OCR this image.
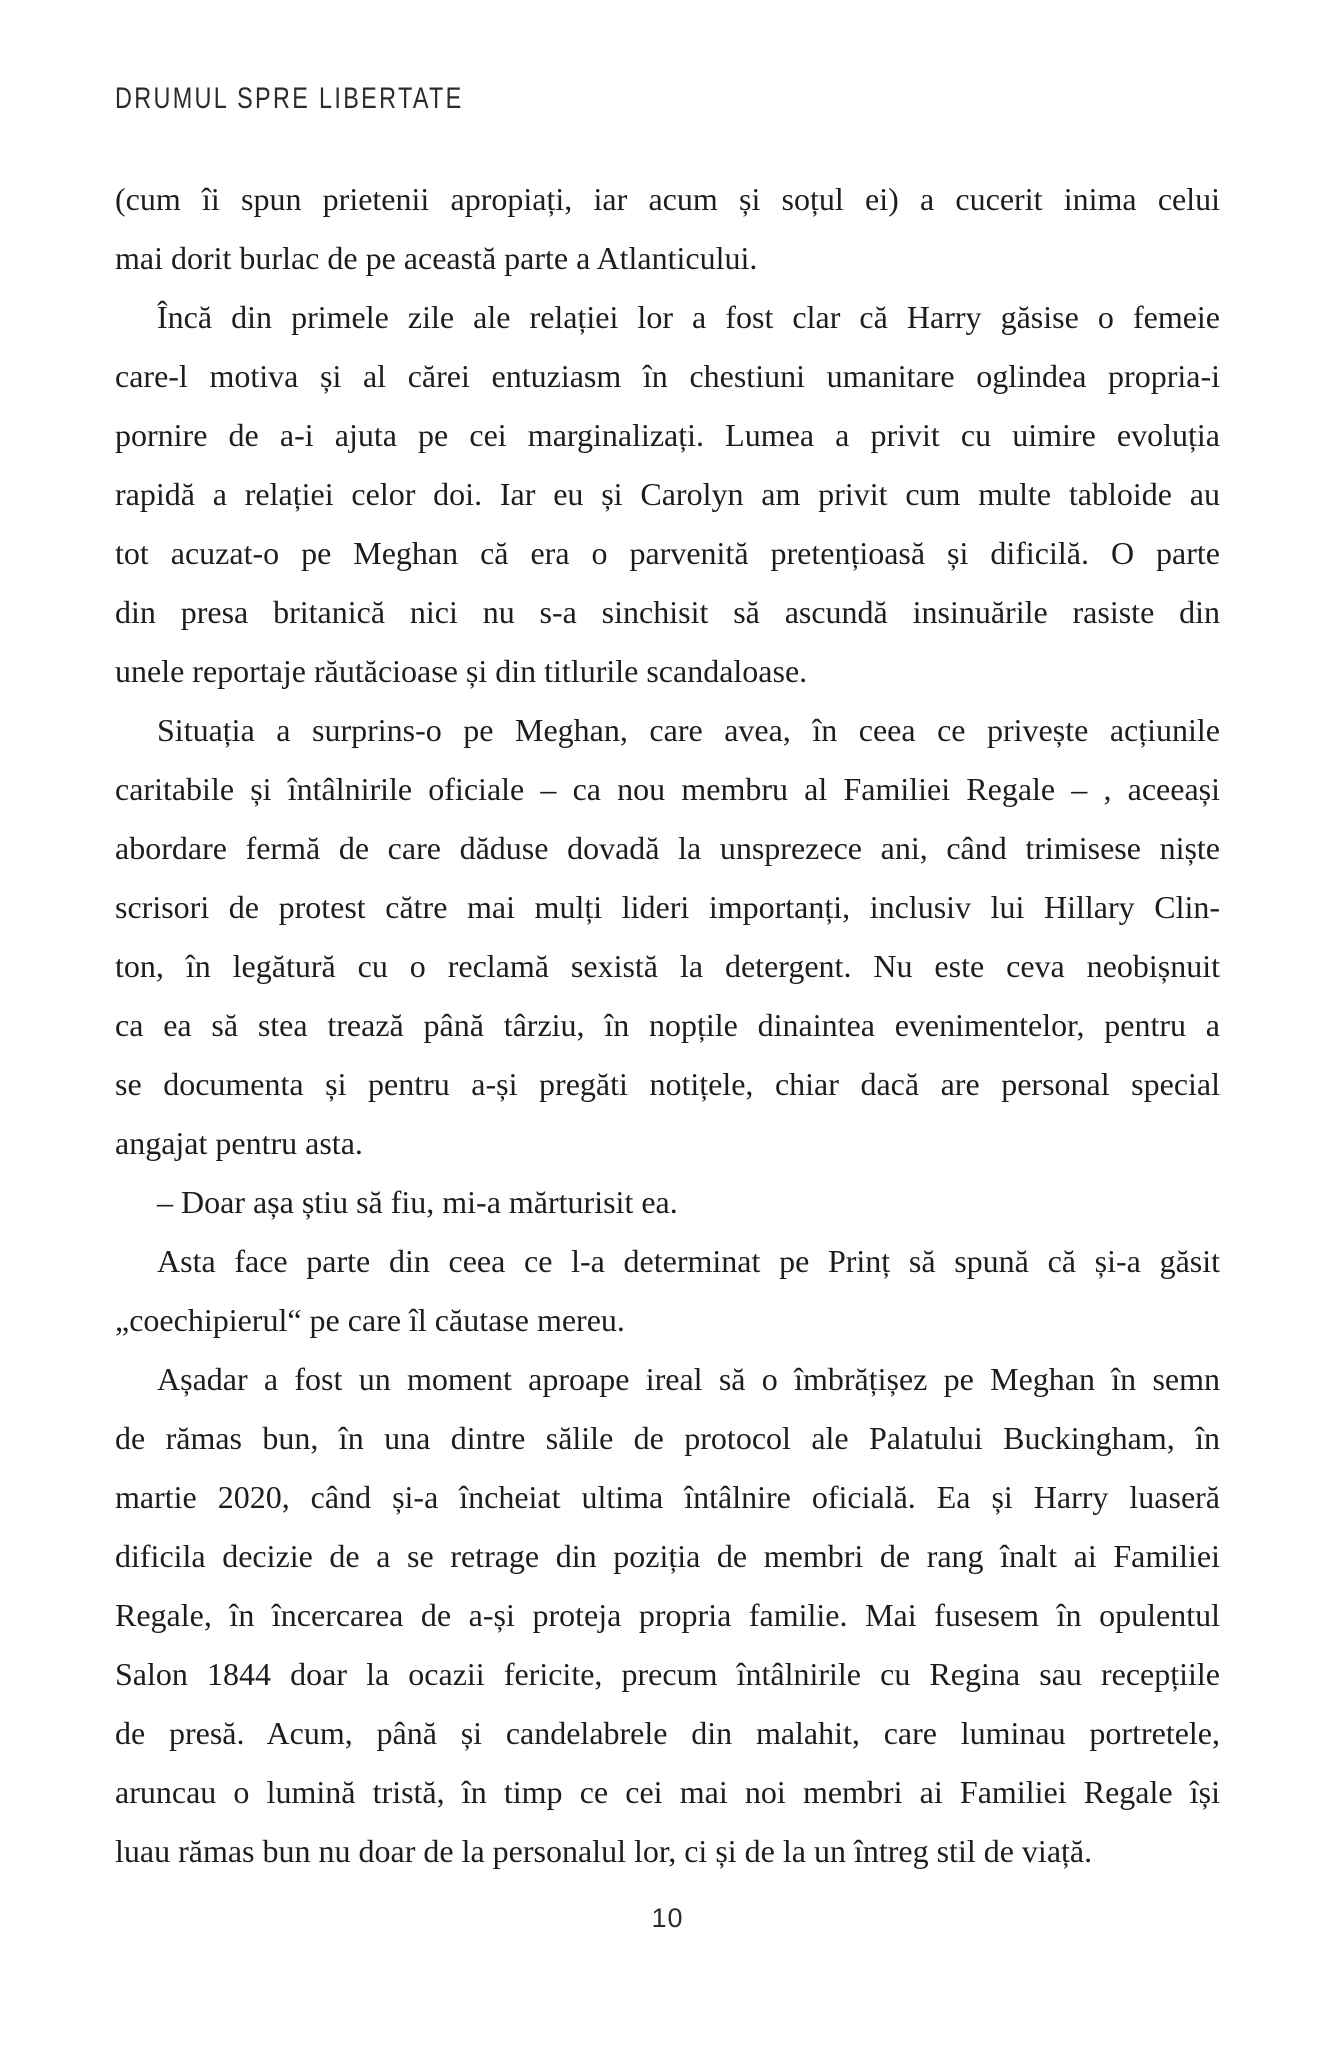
DRUMUL SPRE LIBERTATE
(cum îi spun prietenii apropiați, iar acum și soțul ei) a cucerit inima celui
mai dorit burlac de pe această parte a Atlanticului.
Încă din primele zile ale relației lor a fost clar că Harry găsise o femeie
care-l motiva și al cărei entuziasm în chestiuni umanitare oglindea propria-i
pornire de a-i ajuta pe cei marginalizați. Lumea a privit cu uimire evoluția
rapidă a relației celor doi. Iar eu și Carolyn am privit cum multe tabloide au
tot acuzat-o pe Meghan că era o parvenită pretențioasă și dificilă. O parte
din presa britanică nici nu s-a sinchisit să ascundă insinuările rasiste din
unele reportaje răutăcioase și din titlurile scandaloase.
Situația a surprins-o pe Meghan, care avea, în ceea ce privește acțiunile
caritabile și întâlnirile oficiale – ca nou membru al Familiei Regale – , aceeași
abordare fermă de care dăduse dovadă la unsprezece ani, când trimisese niște
scrisori de protest către mai mulți lideri importanți, inclusiv lui Hillary Clin-
ton, în legătură cu o reclamă sexistă la detergent. Nu este ceva neobișnuit
ca ea să stea trează până târziu, în nopțile dinaintea evenimentelor, pentru a
se documenta și pentru a-și pregăti notițele, chiar dacă are personal special
angajat pentru asta.
– Doar așa știu să fiu, mi-a mărturisit ea.
Asta face parte din ceea ce l-a determinat pe Prinț să spună că și-a găsit
„coechipierul“ pe care îl căutase mereu.
Așadar a fost un moment aproape ireal să o îmbrățișez pe Meghan în semn
de rămas bun, în una dintre sălile de protocol ale Palatului Buckingham, în
martie 2020, când și-a încheiat ultima întâlnire oficială. Ea și Harry luaseră
dificila decizie de a se retrage din poziția de membri de rang înalt ai Familiei
Regale, în încercarea de a-și proteja propria familie. Mai fusesem în opulentul
Salon 1844 doar la ocazii fericite, precum întâlnirile cu Regina sau recepțiile
de presă. Acum, până și candelabrele din malahit, care luminau portretele,
aruncau o lumină tristă, în timp ce cei mai noi membri ai Familiei Regale își
luau rămas bun nu doar de la personalul lor, ci și de la un întreg stil de viață.
10
